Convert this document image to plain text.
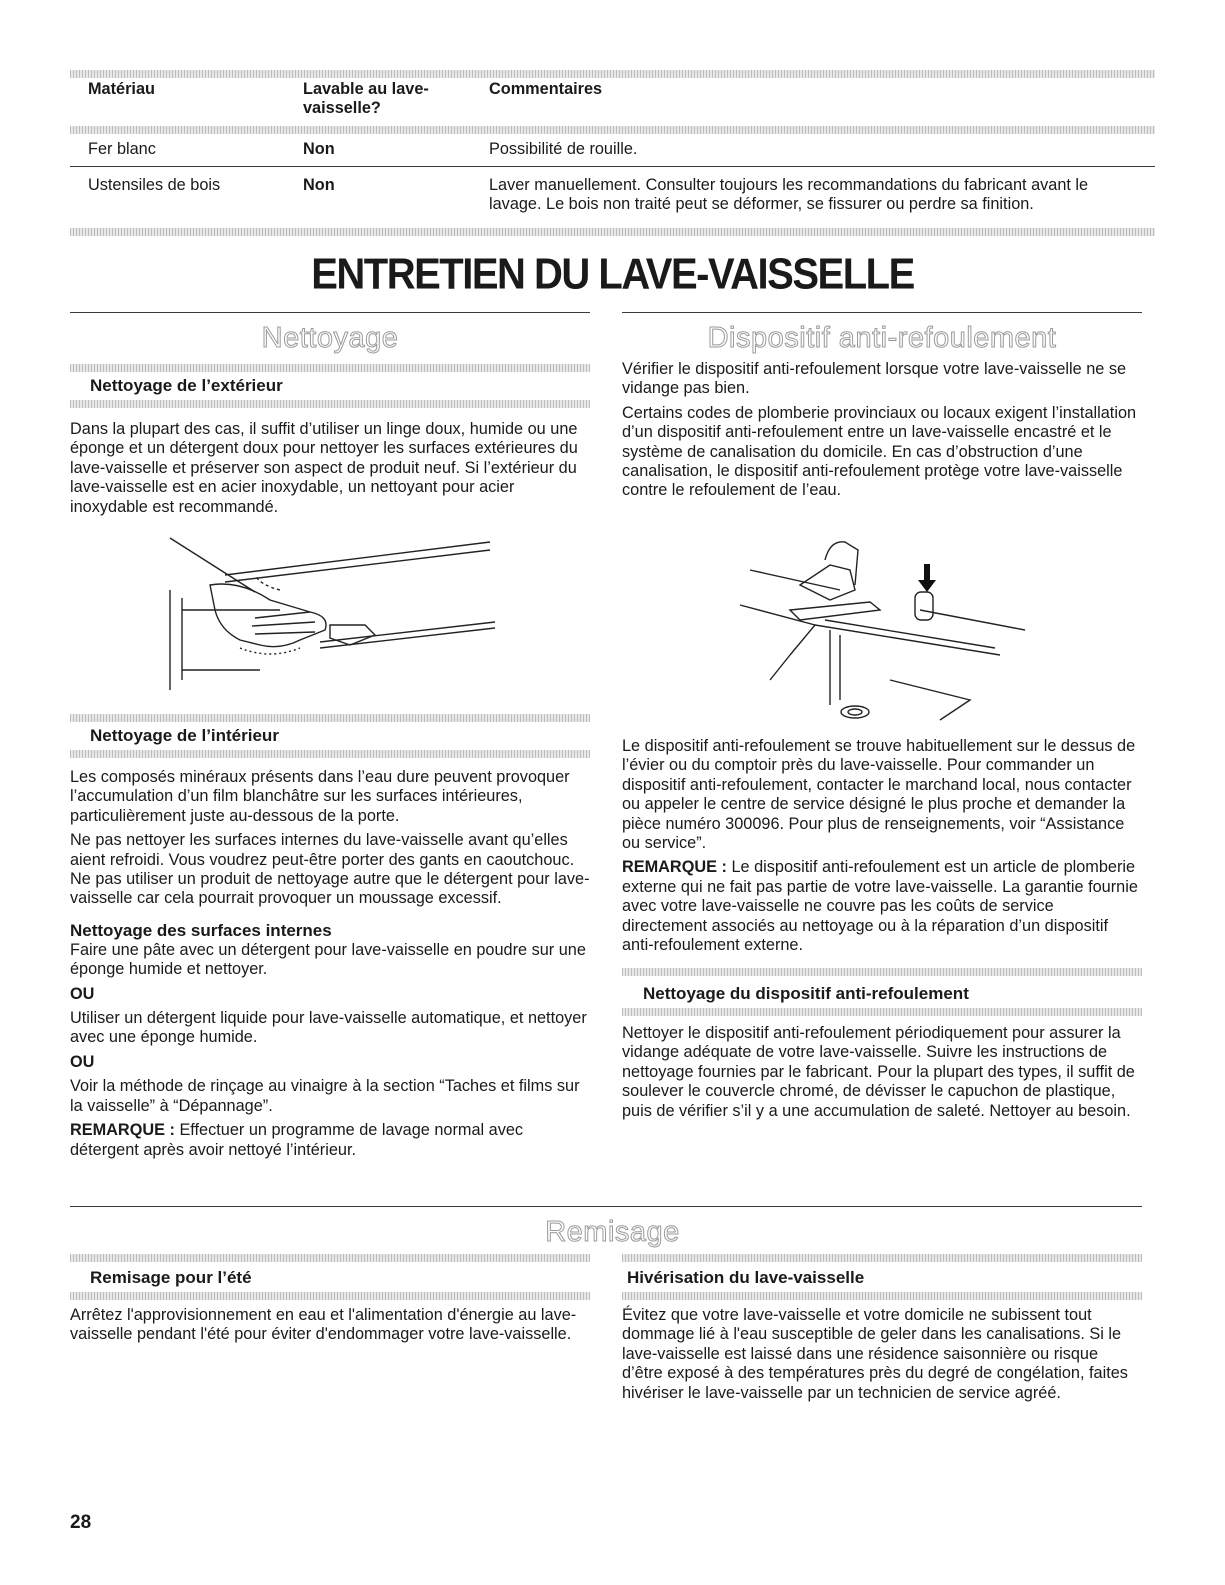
Matériau	Lavable au lave-vaisselle?	Commentaires
Fer blanc	Non	Possibilité de rouille.
Ustensiles de bois	Non	Laver manuellement. Consulter toujours les recommandations du fabricant avant le lavage. Le bois non traité peut se déformer, se fissurer ou perdre sa finition.
ENTRETIEN DU LAVE-VAISSELLE

Nettoyage

Nettoyage de l’extérieur

Dans la plupart des cas, il suffit d’utiliser un linge doux, humide ou une éponge et un détergent doux pour nettoyer les surfaces extérieures du lave-vaisselle et préserver son aspect de produit neuf. Si l’extérieur du lave-vaisselle est en acier inoxydable, un nettoyant pour acier inoxydable est recommandé.

Nettoyage de l’intérieur

Les composés minéraux présents dans l’eau dure peuvent provoquer l’accumulation d’un film blanchâtre sur les surfaces intérieures, particulièrement juste au-dessous de la porte.

Ne pas nettoyer les surfaces internes du lave-vaisselle avant qu’elles aient refroidi. Vous voudrez peut-être porter des gants en caoutchouc. Ne pas utiliser un produit de nettoyage autre que le détergent pour lave-vaisselle car cela pourrait provoquer un moussage excessif.

Nettoyage des surfaces internes

Faire une pâte avec un détergent pour lave-vaisselle en poudre sur une éponge humide et nettoyer.

OU

Utiliser un détergent liquide pour lave-vaisselle automatique, et nettoyer avec une éponge humide.

OU

Voir la méthode de rinçage au vinaigre à la section “Taches et films sur la vaisselle” à “Dépannage”.

REMARQUE : Effectuer un programme de lavage normal avec détergent après avoir nettoyé l’intérieur.

Dispositif anti-refoulement

Vérifier le dispositif anti-refoulement lorsque votre lave-vaisselle ne se vidange pas bien.

Certains codes de plomberie provinciaux ou locaux exigent l’installation d’un dispositif anti-refoulement entre un lave-vaisselle encastré et le système de canalisation du domicile. En cas d’obstruction d’une canalisation, le dispositif anti-refoulement protège votre lave-vaisselle contre le refoulement de l’eau.

Le dispositif anti-refoulement se trouve habituellement sur le dessus de l’évier ou du comptoir près du lave-vaisselle. Pour commander un dispositif anti-refoulement, contacter le marchand local, nous contacter ou appeler le centre de service désigné le plus proche et demander la pièce numéro 300096. Pour plus de renseignements, voir “Assistance ou service”.

REMARQUE : Le dispositif anti-refoulement est un article de plomberie externe qui ne fait pas partie de votre lave-vaisselle. La garantie fournie avec votre lave-vaisselle ne couvre pas les coûts de service directement associés au nettoyage ou à la réparation d’un dispositif anti-refoulement externe.

Nettoyage du dispositif anti-refoulement

Nettoyer le dispositif anti-refoulement périodiquement pour assurer la vidange adéquate de votre lave-vaisselle. Suivre les instructions de nettoyage fournies par le fabricant. Pour la plupart des types, il suffit de soulever le couvercle chromé, de dévisser le capuchon de plastique, puis de vérifier s’il y a une accumulation de saleté. Nettoyer au besoin.

Remisage

Remisage pour l’été	Hivérisation du lave-vaisselle

Arrêtez l'approvisionnement en eau et l'alimentation d'énergie au lave-vaisselle pendant l'été pour éviter d'endommager votre lave-vaisselle.

Évitez que votre lave-vaisselle et votre domicile ne subissent tout dommage lié à l'eau susceptible de geler dans les canalisations. Si le lave-vaisselle est laissé dans une résidence saisonnière ou risque d’être exposé à des températures près du degré de congélation, faites hivériser le lave-vaisselle par un technicien de service agréé.

28
